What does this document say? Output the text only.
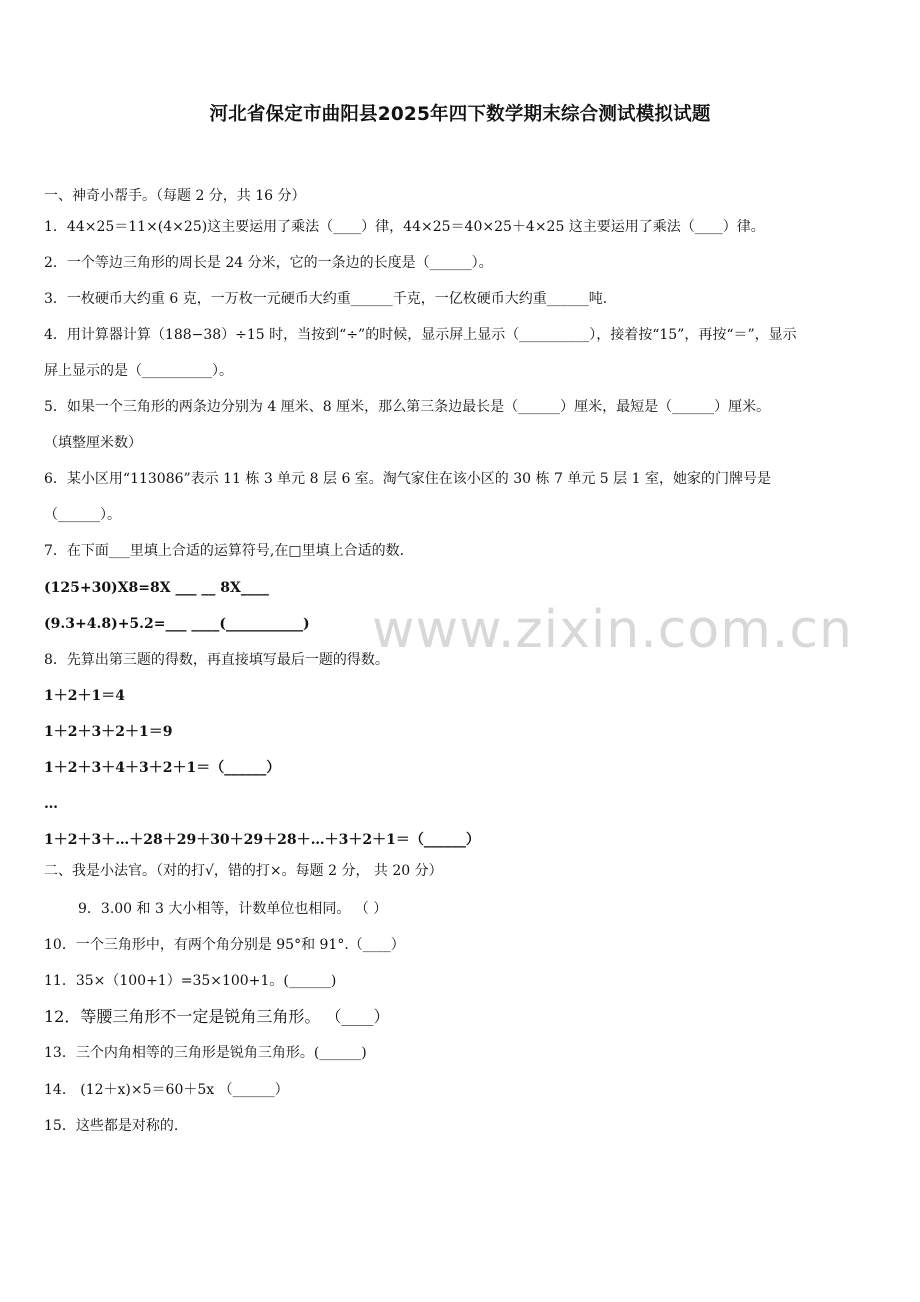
河北省保定市曲阳县2025年四下数学期末综合测试模拟试题
www.zixin.com.cn
一、神奇小帮手。（每题 2 分，共 16 分）
1．44×25＝11×(4×25)这主要运用了乘法（____）律，44×25＝40×25＋4×25 这主要运用了乘法（____）律。
2．一个等边三角形的周长是 24 分米，它的一条边的长度是（______）。
3．一枚硬币大约重 6 克，一万枚一元硬币大约重______千克，一亿枚硬币大约重______吨．
4．用计算器计算（188−38）÷15 时，当按到“÷”的时候，显示屏上显示（__________），接着按“15”，再按“＝”，显示
屏上显示的是（__________）。
5．如果一个三角形的两条边分别为 4 厘米、8 厘米，那么第三条边最长是（______）厘米，最短是（______）厘米。
（填整厘米数）
6．某小区用“113086”表示 11 栋 3 单元 8 层 6 室。淘气家住在该小区的 30 栋 7 单元 5 层 1 室，她家的门牌号是
（______）。
7．在下面___里填上合适的运算符号,在□里填上合适的数．
(125+30)X8=8X ___ __ 8X____
(9.3+4.8)+5.2=___ ____(___________)
8．先算出第三题的得数，再直接填写最后一题的得数。
1＋2＋1＝4
1＋2＋3＋2＋1＝9
1＋2＋3＋4＋3＋2＋1＝（______）
…
1＋2＋3＋…＋28＋29＋30＋29＋28＋…＋3＋2＋1＝（______）
二、我是小法官。（对的打√，错的打×。每题 2 分， 共 20 分）
9．3.00 和 3 大小相等，计数单位也相同。 （ ）
10．一个三角形中，有两个角分别是 95°和 91°.（____）
11．35×（100+1）=35×100+1。(______)
12．等腰三角形不一定是锐角三角形。 （____）
13．三个内角相等的三角形是锐角三角形。(______)
14． (12＋x)×5＝60＋5x （______）
15．这些都是对称的.
